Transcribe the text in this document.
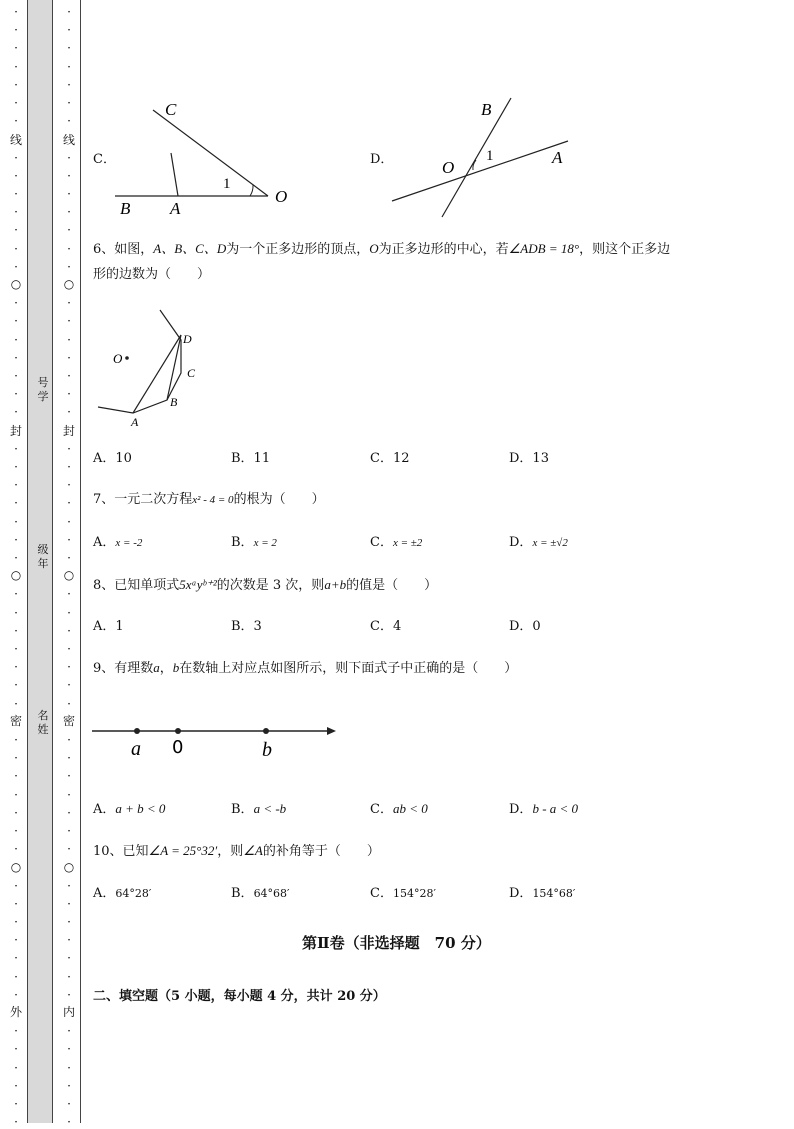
·
·
·
·
·
·
·
·
·
·
·
·
·
·
·
·
·
·
·
·
·
·
·
·
·
·
·
·
·
·
·
·
·
·
·
·
·
·
·
·
·
·
·
·
·
·
·
·
·
·
·
·
·
·
·
·
·
·
·
·
·
·
·
·
·
·
·
·
·
·
·
·
·
·
·
·
·
·
·
·
·
·
·
·
·
·
·
·
·
·
·
·
·
·
·
·
·
·
·
·
·
·
·
·
·
·
·
·
·
·
线
○
封
○
密
○
外
线
○
封
○
密
○
内
号学
级年
名姓
C．
C
B A
O
1
D．
B
O
A
1
6、如图，A、B、C、D为一个正多边形的顶点，O为正多边形的中心，若∠ADB = 18°，则这个正多边
形的边数为（　　）
O
A
B
C
D
A．10	B．11	C．12	D．13
7、一元二次方程x² - 4 = 0的根为（　　）
A．x = -2	B．x = 2	C．x = ±2	D．x = ±√2
8、已知单项式5xᵃyᵇ⁺²的次数是 3 次，则a+b的值是（　　）
A．1	B．3	C．4	D．0
9、有理数a，b在数轴上对应点如图所示，则下面式子中正确的是（　　）
a 0	b
A．a + b < 0	B．a < -b	C．ab < 0	D．b - a < 0
10、已知∠A = 25°32′，则∠A的补角等于（　　）
A．64°28′	B．64°68′	C．154°28′	D．154°68′
第Ⅱ卷（非选择题　70 分）
二、填空题（5 小题，每小题 4 分，共计 20 分）
